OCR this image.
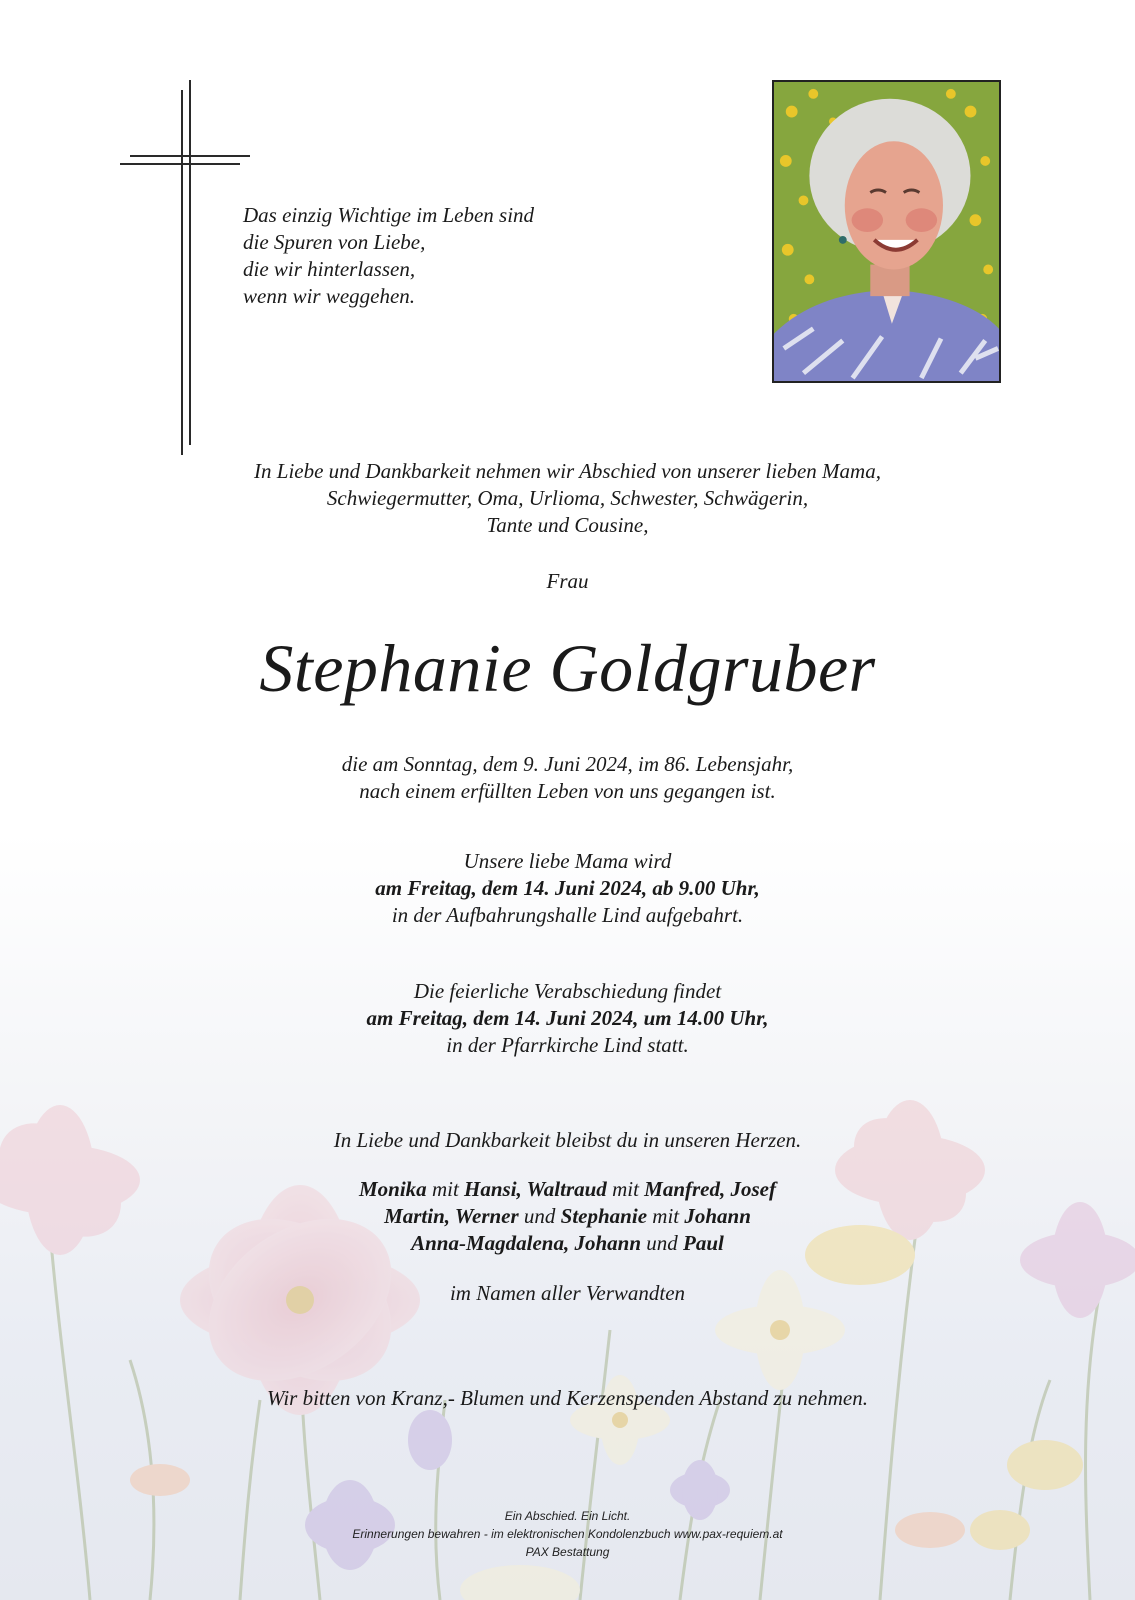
Das einzig Wichtige im Leben sind
die Spuren von Liebe,
die wir hinterlassen,
wenn wir weggehen.
In Liebe und Dankbarkeit nehmen wir Abschied von unserer lieben Mama,
Schwiegermutter, Oma, Urlioma, Schwester, Schwägerin,
Tante und Cousine,
Frau
Stephanie Goldgruber
die am Sonntag, dem 9. Juni 2024, im 86. Lebensjahr,
nach einem erfüllten Leben von uns gegangen ist.
Unsere liebe Mama wird
am Freitag, dem 14. Juni 2024, ab 9.00 Uhr,
in der Aufbahrungshalle Lind aufgebahrt.
Die feierliche Verabschiedung findet
am Freitag, dem 14. Juni 2024, um 14.00 Uhr,
in der Pfarrkirche Lind statt.
In Liebe und Dankbarkeit bleibst du in unseren Herzen.
Monika mit Hansi, Waltraud mit Manfred, Josef
Martin, Werner und Stephanie mit Johann
Anna-Magdalena, Johann und Paul
im Namen aller Verwandten
Wir bitten von Kranz,- Blumen und Kerzenspenden Abstand zu nehmen.
Ein Abschied. Ein Licht.
Erinnerungen bewahren - im elektronischen Kondolenzbuch www.pax-requiem.at
PAX Bestattung
